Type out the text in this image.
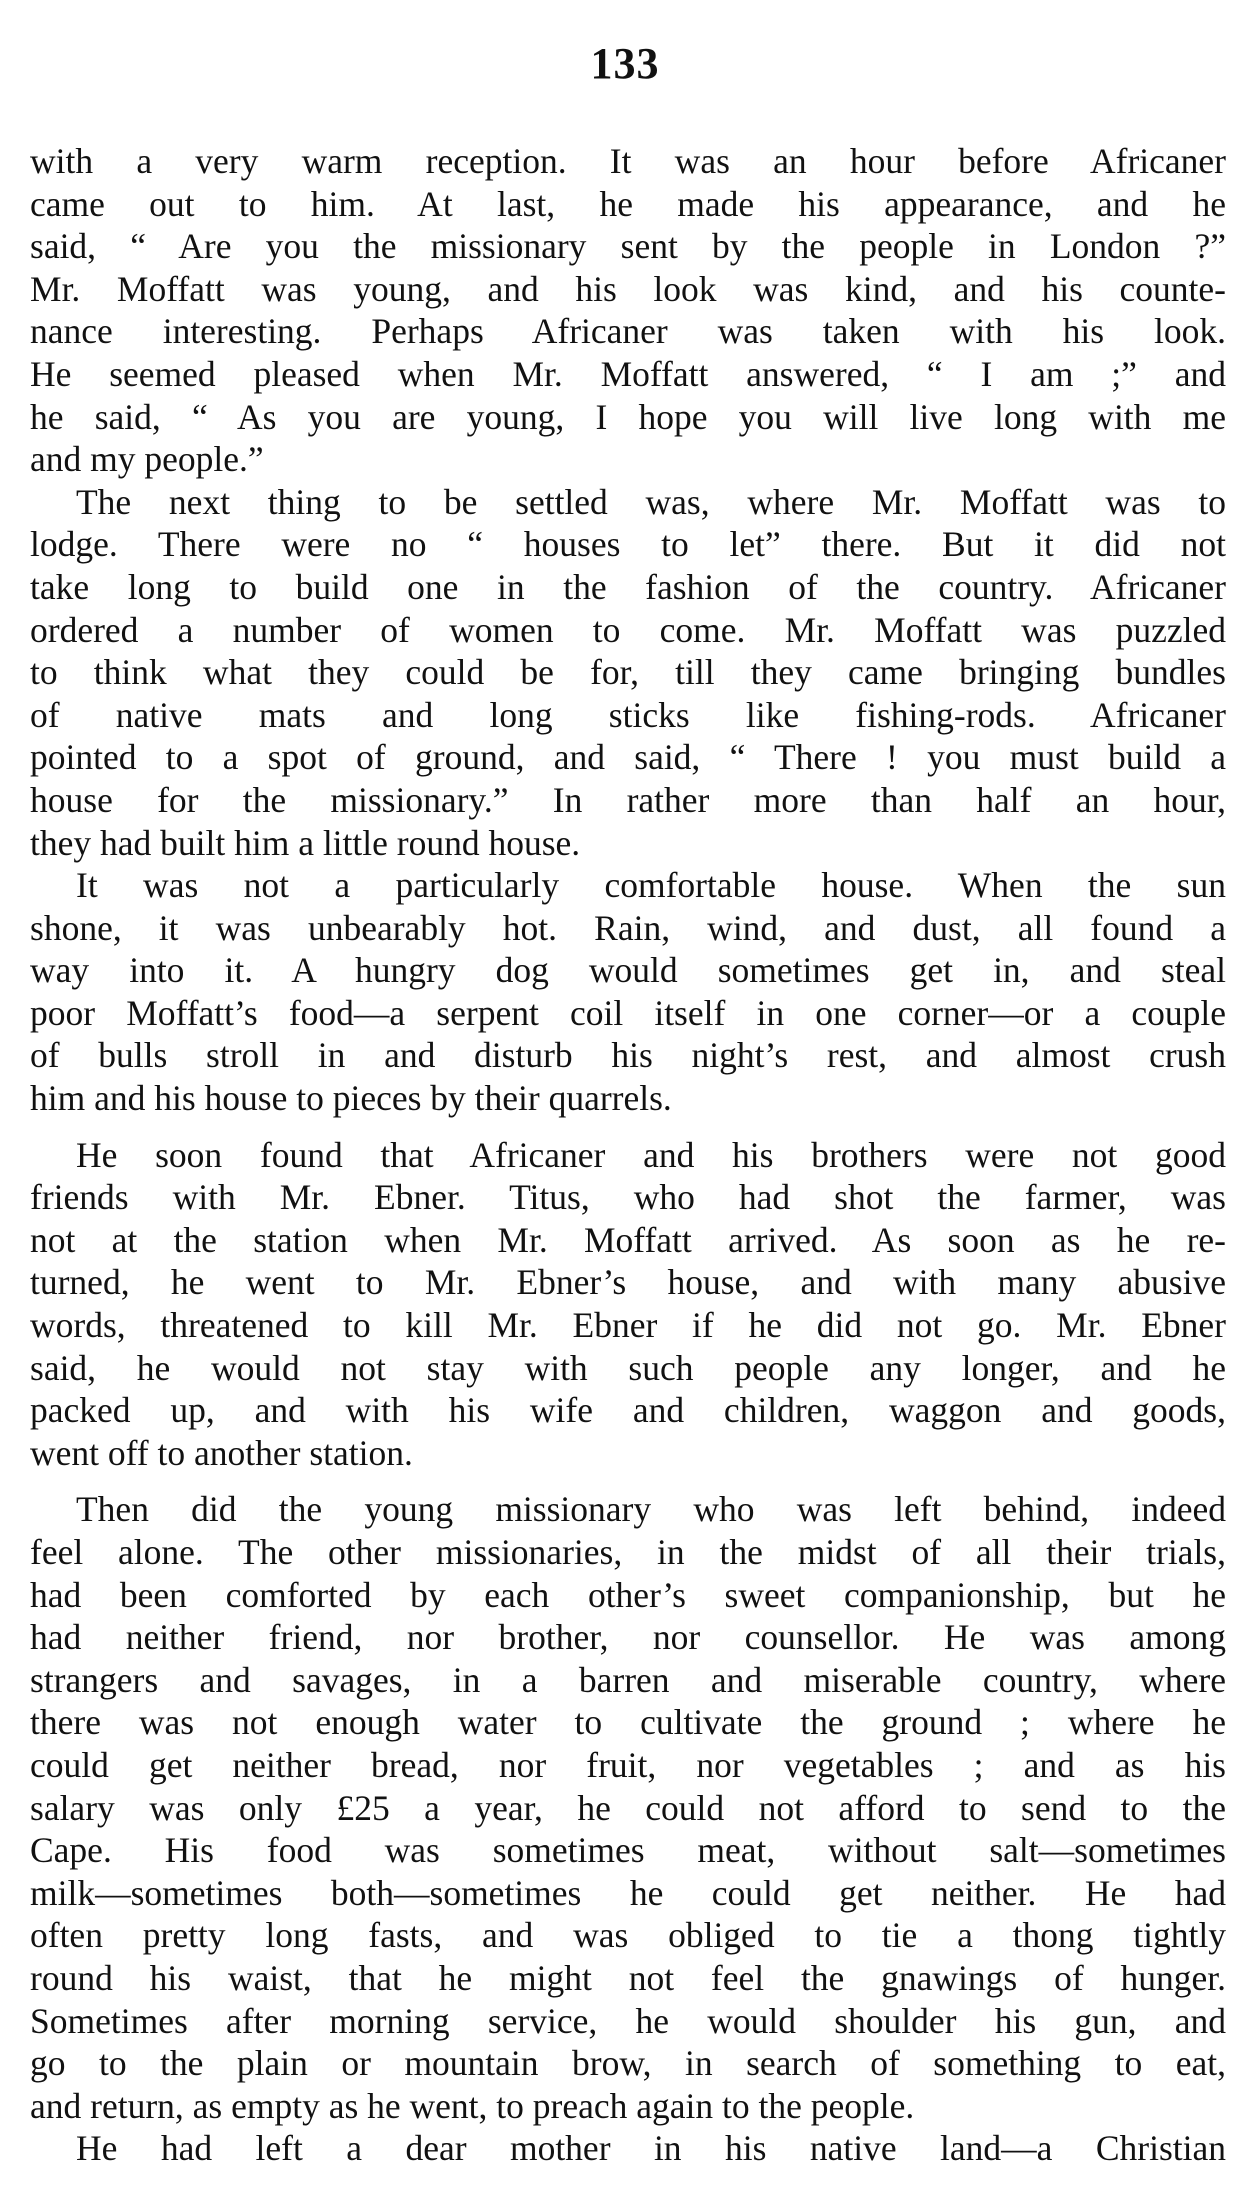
133
with a very warm reception. It was an hour before Africaner
came out to him. At last, he made his appearance, and he
said, “ Are you the missionary sent by the people in London ?”
Mr. Moffatt was young, and his look was kind, and his counte-
nance interesting. Perhaps Africaner was taken with his look.
He seemed pleased when Mr. Moffatt answered, “ I am ;” and
he said, “ As you are young, I hope you will live long with me
and my people.”
The next thing to be settled was, where Mr. Moffatt was to
lodge. There were no “ houses to let” there. But it did not
take long to build one in the fashion of the country. Africaner
ordered a number of women to come. Mr. Moffatt was puzzled
to think what they could be for, till they came bringing bundles
of native mats and long sticks like fishing-rods. Africaner
pointed to a spot of ground, and said, “ There ! you must build a
house for the missionary.” In rather more than half an hour,
they had built him a little round house.
It was not a particularly comfortable house. When the sun
shone, it was unbearably hot. Rain, wind, and dust, all found a
way into it. A hungry dog would sometimes get in, and steal
poor Moffatt’s food—a serpent coil itself in one corner—or a couple
of bulls stroll in and disturb his night’s rest, and almost crush
him and his house to pieces by their quarrels.
He soon found that Africaner and his brothers were not good
friends with Mr. Ebner. Titus, who had shot the farmer, was
not at the station when Mr. Moffatt arrived. As soon as he re-
turned, he went to Mr. Ebner’s house, and with many abusive
words, threatened to kill Mr. Ebner if he did not go. Mr. Ebner
said, he would not stay with such people any longer, and he
packed up, and with his wife and children, waggon and goods,
went off to another station.
Then did the young missionary who was left behind, indeed
feel alone. The other missionaries, in the midst of all their trials,
had been comforted by each other’s sweet companionship, but he
had neither friend, nor brother, nor counsellor. He was among
strangers and savages, in a barren and miserable country, where
there was not enough water to cultivate the ground ; where he
could get neither bread, nor fruit, nor vegetables ; and as his
salary was only £25 a year, he could not afford to send to the
Cape. His food was sometimes meat, without salt—sometimes
milk—sometimes both—sometimes he could get neither. He had
often pretty long fasts, and was obliged to tie a thong tightly
round his waist, that he might not feel the gnawings of hunger.
Sometimes after morning service, he would shoulder his gun, and
go to the plain or mountain brow, in search of something to eat,
and return, as empty as he went, to preach again to the people.
He had left a dear mother in his native land—a Christian
